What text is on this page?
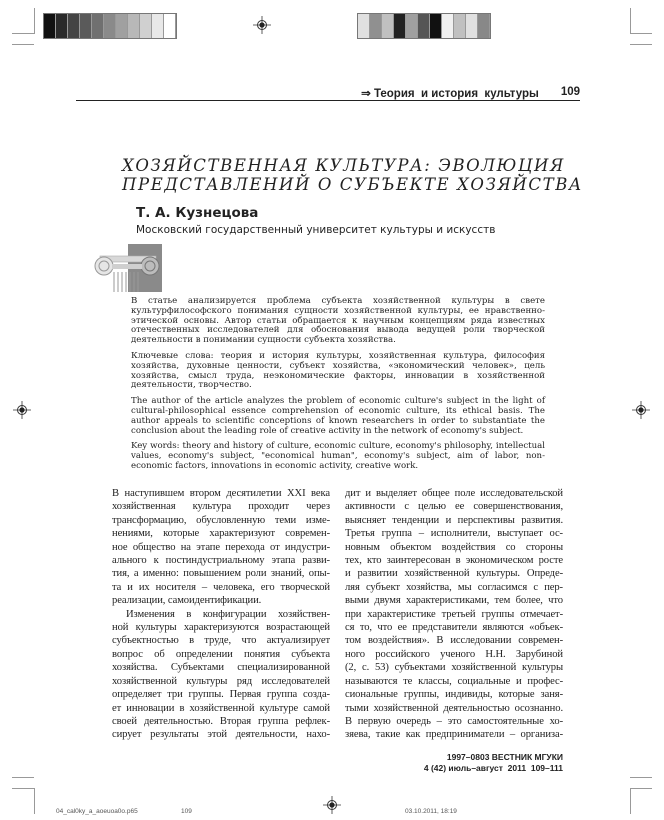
⇒ Теория  и история  культуры 109
ХОЗЯЙСТВЕННАЯ КУЛЬТУРА: ЭВОЛЮЦИЯ
ПРЕДСТАВЛЕНИЙ О СУБЪЕКТЕ ХОЗЯЙСТВА
Т. А. Кузнецова
Московский государственный университет культуры и искусств

В статье анализируется проблема субъекта хозяйственной культуры в свете культурфилософского понимания сущности хозяйственной культуры, ее нравственно-этической основы. Автор статьи обращается к научным концепциям ряда известных отечественных исследователей для обоснования вывода ведущей роли творческой деятельности в понимании сущности субъекта хозяйства.

Ключевые слова: теория и история культуры, хозяйственная культура, философия хозяйства, духовные ценности, субъект хозяйства, «экономический человек», цель хозяйства, смысл труда, неэкономические факторы, инновации в хозяйственной деятельности, творчество.

The author of the article analyzes the problem of economic culture's subject in the light of cultural-philosophical essence comprehension of economic culture, its ethical basis. The author appeals to scientific conceptions of known researchers in order to substantiate the conclusion about the leading role of creative activity in the network of economy's subject.

Key words: theory and history of culture, economic culture, economy's philosophy, intellectual values, economy's subject, "economical human", economy's subject, aim of labor, non-economic factors, innovations in economic activity, creative work.

В наступившем втором десятилетии XXI века
хозяйственная культура проходит через
трансформацию, обусловленную теми изме-
нениями, которые характеризуют современ-
ное общество на этапе перехода от индустри-
ального к постиндустриальному этапа разви-
тия, а именно: повышением роли знаний, опы-
та и их носителя – человека, его творческой
реализации, самоидентификации.
Изменения в конфигурации хозяйствен-
ной культуры характеризуются возрастающей
субъектностью в труде, что актуализирует
вопрос об определении понятия субъекта
хозяйства. Субъектами специализированной
хозяйственной культуры ряд исследователей
определяет три группы. Первая группа созда-
ет инновации в хозяйственной культуре самой
своей деятельностью. Вторая группа рефлек-
сирует результаты этой деятельности, нахо-
дит и выделяет общее поле исследовательской
активности с целью ее совершенствования,
выясняет тенденции и перспективы развития.
Третья группа – исполнители, выступает ос-
новным объектом воздействия со стороны
тех, кто заинтересован в экономическом росте
и развитии хозяйственной культуры. Опреде-
ляя субъект хозяйства, мы согласимся с пер-
выми двумя характеристиками, тем более, что
при характеристике третьей группы отмечает-
ся то, что ее представители являются «объек-
том воздействия». В исследовании современ-
ного российского ученого Н.Н. Зарубиной
(2, с. 53) субъектами хозяйственной культуры
называются те классы, социальные и профес-
сиональные группы, индивиды, которые заня-
тыми хозяйственной деятельностью осознанно.
В первую очередь – это самостоятельные хо-
зяева, такие как предприниматели – организа-
1997–0803 ВЕСТНИК МГУКИ
4 (42) июль–август  2011  109–111
04_cal0ky_a_aoeuoa0o.p65	109	03.10.2011, 18:19
